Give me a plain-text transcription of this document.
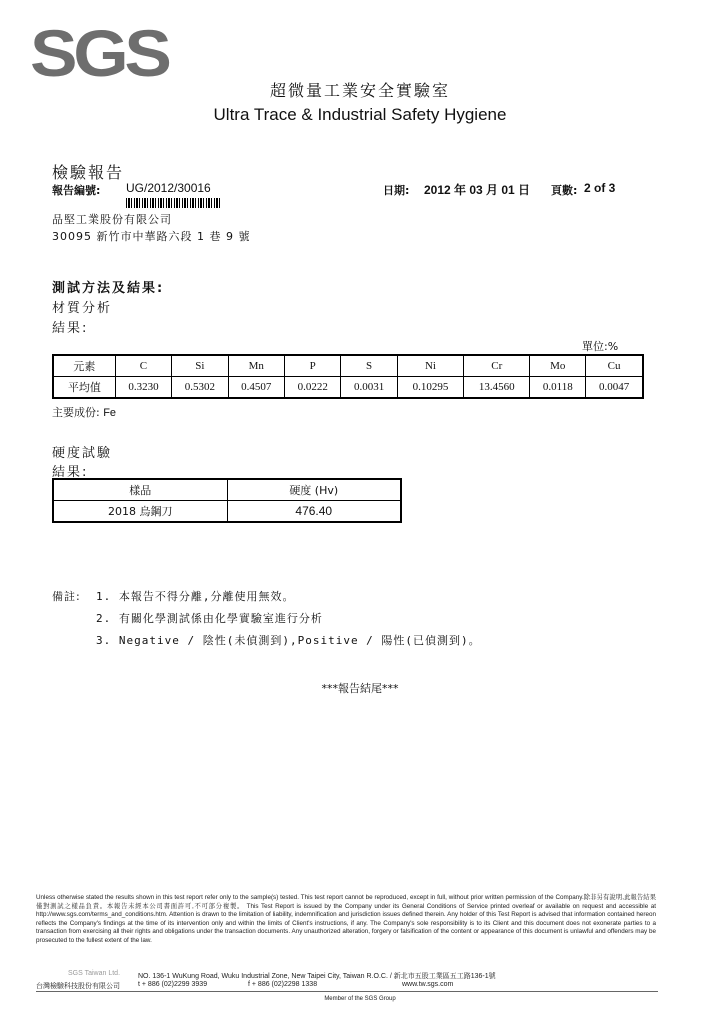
SGS
超微量工業安全實驗室
Ultra Trace & Industrial Safety Hygiene
檢驗報告
報告編號: UG/2012/30016	日期: 2012 年 03 月 01 日 頁數: 2 of 3
品堅工業股份有限公司
30095 新竹市中華路六段 1 巷 9 號
測試方法及結果:
材質分析
結果:
單位:%
元素	C	Si	Mn	P	S	Ni	Cr	Mo	Cu
平均值	0.3230	0.5302	0.4507	0.0222	0.0031	0.10295	13.4560	0.0118	0.0047
主要成份: Fe
硬度試驗
結果:
樣品	硬度 (Hv)
2018 烏鋼刀	476.40
備註: 1. 本報告不得分離,分離使用無效。
2. 有關化學測試係由化學實驗室進行分析
3. Negative / 陰性(未偵測到),Positive / 陽性(已偵測到)。
***報告結尾***

Unless otherwise stated the results shown in this test report refer only to the sample(s) tested. This test report cannot be reproduced, except in full, without prior written permission of the Company.除非另有說明,此報告結果僅對測試之樣品負責。本報告未經本公司書面許可,不可部分複製。 This Test Report is issued by the Company under its General Conditions of Service printed overleaf or available on request and accessible at http://www.sgs.com/terms_and_conditions.htm. Attention is drawn to the limitation of liability, indemnification and jurisdiction issues defined therein. Any holder of this Test Report is advised that information contained hereon reflects the Company's findings at the time of its intervention only and within the limits of Client's instructions, if any. The Company's sole responsibility is to its Client and this document does not exonerate parties to a transaction from exercising all their rights and obligations under the transaction documents. Any unauthorized alteration, forgery or falsification of the content or appearance of this document is unlawful and offenders may be prosecuted to the fullest extent of the law.

SGS Taiwan Ltd.
台灣檢驗科技股份有限公司
NO. 136-1 WuKung Road, Wuku Industrial Zone, New Taipei City, Taiwan R.O.C. / 新北市五股工業區五工路136-1號
t + 886 (02)2299 3939	f + 886 (02)2298 1338	www.tw.sgs.com
Member of the SGS Group
